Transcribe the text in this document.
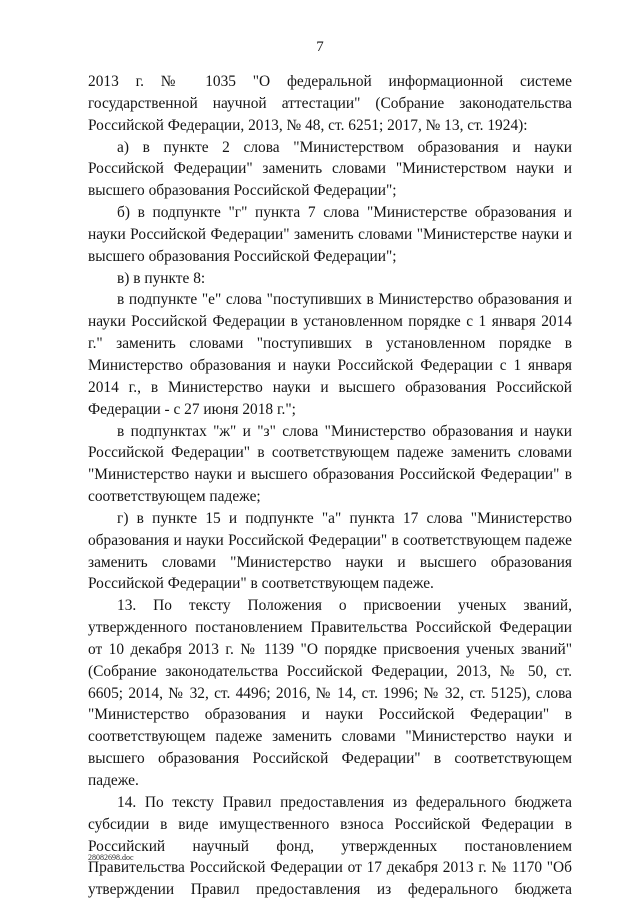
7

2013 г. № 1035 "О федеральной информационной системе государственной научной аттестации" (Собрание законодательства Российской Федерации, 2013, № 48, ст. 6251; 2017, № 13, ст. 1924):

а) в пункте 2 слова "Министерством образования и науки Российской Федерации" заменить словами "Министерством науки и высшего образования Российской Федерации";

б) в подпункте "г" пункта 7 слова "Министерстве образования и науки Российской Федерации" заменить словами "Министерстве науки и высшего образования Российской Федерации";

в) в пункте 8:

в подпункте "е" слова "поступивших в Министерство образования и науки Российской Федерации в установленном порядке с 1 января 2014 г." заменить словами "поступивших в установленном порядке в Министерство образования и науки Российской Федерации с 1 января 2014 г., в Министерство науки и высшего образования Российской Федерации - с 27 июня 2018 г.";

в подпунктах "ж" и "з" слова "Министерство образования и науки Российской Федерации" в соответствующем падеже заменить словами "Министерство науки и высшего образования Российской Федерации" в соответствующем падеже;

г) в пункте 15 и подпункте "а" пункта 17 слова "Министерство образования и науки Российской Федерации" в соответствующем падеже заменить словами "Министерство науки и высшего образования Российской Федерации" в соответствующем падеже.

13. По тексту Положения о присвоении ученых званий, утвержденного постановлением Правительства Российской Федерации от 10 декабря 2013 г. № 1139 "О порядке присвоения ученых званий" (Собрание законодательства Российской Федерации, 2013, № 50, ст. 6605; 2014, № 32, ст. 4496; 2016, № 14, ст. 1996; № 32, ст. 5125), слова "Министерство образования и науки Российской Федерации" в соответствующем падеже заменить словами "Министерство науки и высшего образования Российской Федерации" в соответствующем падеже.

14. По тексту Правил предоставления из федерального бюджета субсидии в виде имущественного взноса Российской Федерации в Российский научный фонд, утвержденных постановлением Правительства Российской Федерации от 17 декабря 2013 г. № 1170 "Об утверждении Правил предоставления из федерального бюджета

28082698.doc
